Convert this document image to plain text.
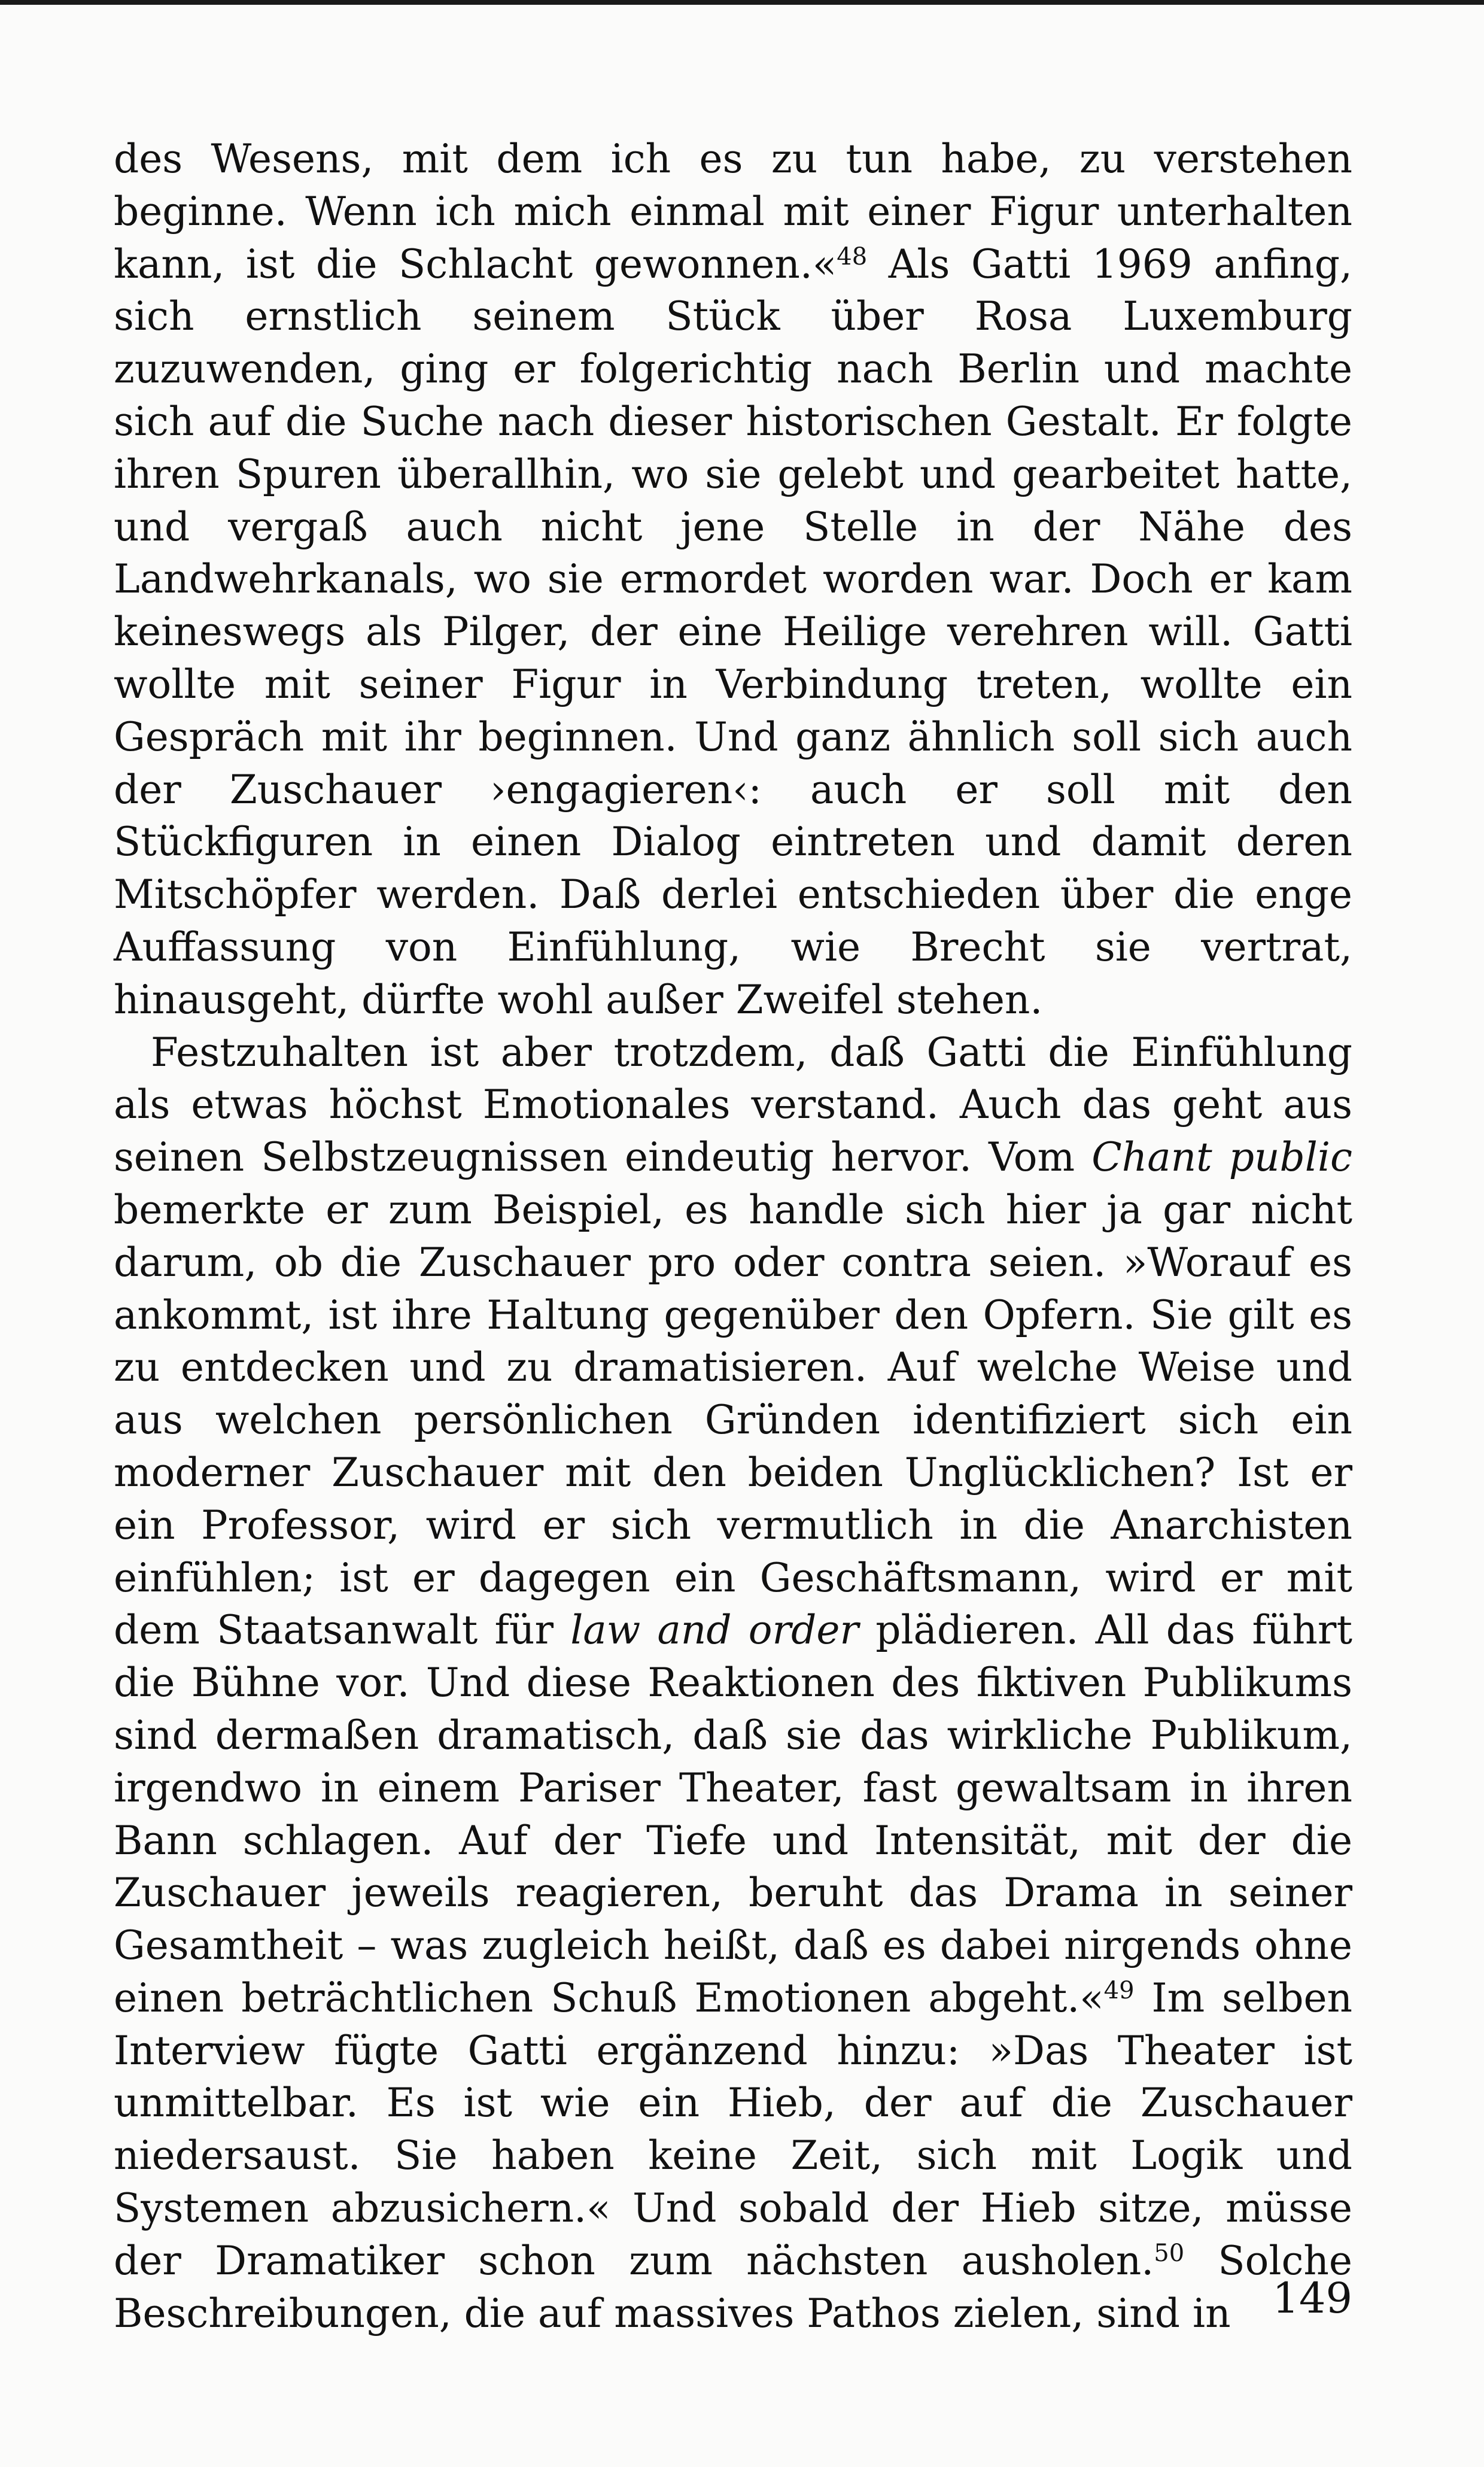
des Wesens, mit dem ich es zu tun habe, zu verstehen beginne. Wenn ich mich einmal mit einer Figur unterhalten kann, ist die Schlacht gewonnen.«$^{48}$ Als Gatti 1969 anfing, sich ernstlich seinem Stück über Rosa Luxemburg zuzuwenden, ging er folgerichtig nach Berlin und machte sich auf die Suche nach dieser historischen Gestalt. Er folgte ihren Spuren überallhin, wo sie gelebt und gearbeitet hatte, und vergaß auch nicht jene Stelle in der Nähe des Landwehrkanals, wo sie ermordet worden war. Doch er kam keineswegs als Pilger, der eine Heilige verehren will. Gatti wollte mit seiner Figur in Verbindung treten, wollte ein Gespräch mit ihr beginnen. Und ganz ähnlich soll sich auch der Zuschauer ›engagieren‹: auch er soll mit den Stückfiguren in einen Dialog eintreten und damit deren Mitschöpfer werden. Daß derlei entschieden über die enge Auffassung von Einfühlung, wie Brecht sie vertrat, hinausgeht, dürfte wohl außer Zweifel stehen.

Festzuhalten ist aber trotzdem, daß Gatti die Einfühlung als etwas höchst Emotionales verstand. Auch das geht aus seinen Selbstzeugnissen eindeutig hervor. Vom Chant public bemerkte er zum Beispiel, es handle sich hier ja gar nicht darum, ob die Zuschauer pro oder contra seien. »Worauf es ankommt, ist ihre Haltung gegenüber den Opfern. Sie gilt es zu entdecken und zu dramatisieren. Auf welche Weise und aus welchen persönlichen Gründen identifiziert sich ein moderner Zuschauer mit den beiden Unglücklichen? Ist er ein Professor, wird er sich vermutlich in die Anarchisten einfühlen; ist er dagegen ein Geschäftsmann, wird er mit dem Staatsanwalt für law and order plädieren. All das führt die Bühne vor. Und diese Reaktionen des fiktiven Publikums sind dermaßen dramatisch, daß sie das wirkliche Publikum, irgendwo in einem Pariser Theater, fast gewaltsam in ihren Bann schlagen. Auf der Tiefe und Intensität, mit der die Zuschauer jeweils reagieren, beruht das Drama in seiner Gesamtheit – was zugleich heißt, daß es dabei nirgends ohne einen beträchtlichen Schuß Emotionen abgeht.«$^{49}$ Im selben Interview fügte Gatti ergänzend hinzu: »Das Theater ist unmittelbar. Es ist wie ein Hieb, der auf die Zuschauer niedersaust. Sie haben keine Zeit, sich mit Logik und Systemen abzusichern.« Und sobald der Hieb sitze, müsse der Dramatiker schon zum nächsten ausholen.$^{50}$ Solche Beschreibungen, die auf massives Pathos zielen, sind in 149
